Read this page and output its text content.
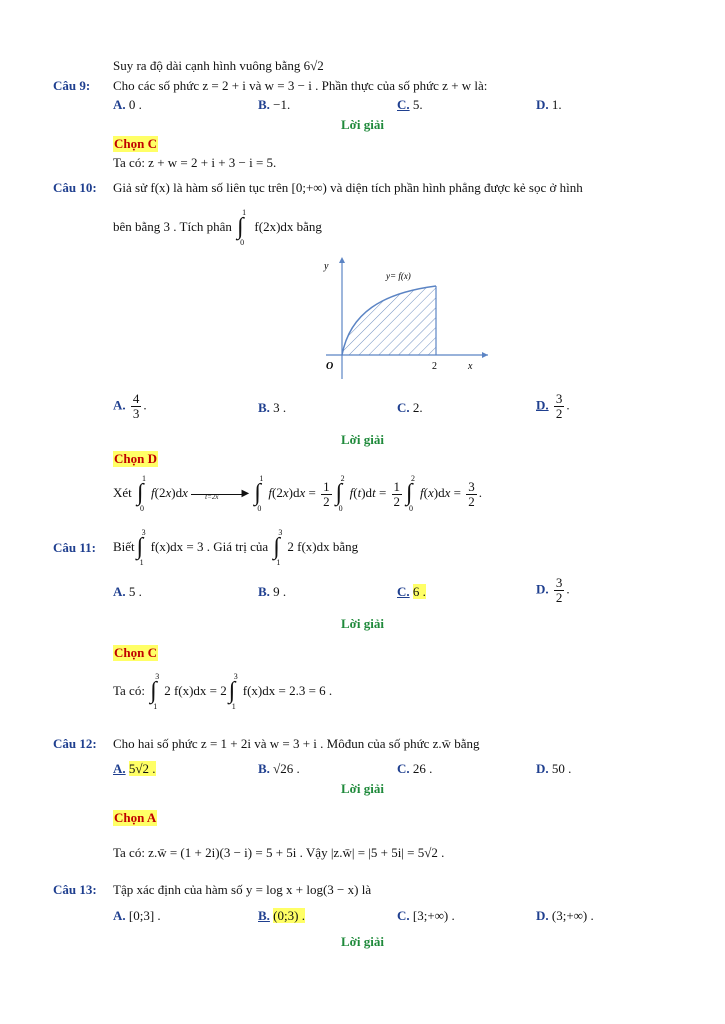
Suy ra độ dài cạnh hình vuông bằng 6√2
Câu 9: Cho các số phức z = 2 + i và w = 3 − i . Phần thực của số phức z + w là:
A. 0 .	B. −1.	C. 5.	D. 1.
Lời giải
Chọn C
Ta có: z + w = 2 + i + 3 − i = 5.
Câu 10: Giả sử f(x) là hàm số liên tục trên [0;+∞) và diện tích phần hình phẳng được kẻ sọc ở hình
bên bằng 3 . Tích phân
1
∫
0
f(2x)dx bằng
y
x
O	2
y= f(x)
A. $\frac{4}{3}$ .	B. 3 .	C. 2.	D. $\frac{3}{2}$ .
Lời giải
Chọn D
Xét
1
∫
0
f(2x)dx t=2x ▶

1
∫
0
$f(2x)dx = \frac{1}{2}$
2
∫
0
$f(t)dt = \frac{1}{2}$
2
∫
0
$f(x)dx = \frac{3}{2}$ .
Câu 11: Biết
3
∫
1
f(x)dx = 3 . Giá trị của
3
∫
1
2 f(x)dx bằng
A. 5 .	B. 9 .	C. 6 .	D. $\frac{3}{2}$ .
Lời giải
Chọn C
Ta có:
3
∫
1
2 f(x)dx = 2
3
∫
1
f(x)dx = 2.3 = 6 .
Câu 12: Cho hai số phức z = 1 + 2i và w = 3 + i . Môđun của số phức z.w̄ bằng
A. 5√2 .	B. √26 .	C. 26 .	D. 50 .
Lời giải
Chọn A
Ta có: z.w̄ = (1 + 2i)(3 − i) = 5 + 5i . Vậy |z.w̄| = |5 + 5i| = 5√2 .
Câu 13: Tập xác định của hàm số y = log x + log(3 − x) là
A. [0;3] .	B. (0;3) .	C. [3;+∞) .	D. (3;+∞) .
Lời giải
